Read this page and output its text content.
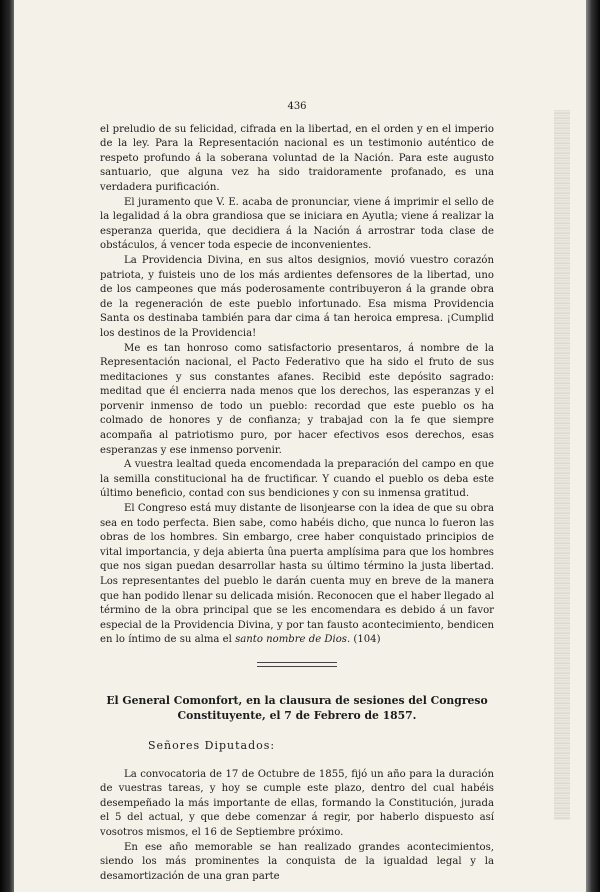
436

el preludio de su felicidad, cifrada en la libertad, en el orden y en el imperio de la ley. Para la Representación nacional es un testimonio auténtico de respeto profundo á la soberana voluntad de la Nación. Para este augusto santuario, que alguna vez ha sido traidoramente profanado, es una verdadera purificación.

El juramento que V. E. acaba de pronunciar, viene á imprimir el sello de la legalidad á la obra grandiosa que se iniciara en Ayutla; viene á realizar la esperanza querida, que decidiera á la Nación á arrostrar toda clase de obstáculos, á vencer toda especie de inconvenientes.

La Providencia Divina, en sus altos designios, movió vuestro corazón patriota, y fuisteis uno de los más ardientes defensores de la libertad, uno de los campeones que más poderosamente contribuyeron á la grande obra de la regeneración de este pueblo infortunado. Esa misma Providencia Santa os destinaba también para dar cima á tan heroica empresa. ¡Cumplid los destinos de la Providencia!

Me es tan honroso como satisfactorio presentaros, á nombre de la Representación nacional, el Pacto Federativo que ha sido el fruto de sus meditaciones y sus constantes afanes. Recibid este depósito sagrado: meditad que él encierra nada menos que los derechos, las esperanzas y el porvenir inmenso de todo un pueblo: recordad que este pueblo os ha colmado de honores y de confianza; y trabajad con la fe que siempre acompaña al patriotismo puro, por hacer efectivos esos derechos, esas esperanzas y ese inmenso porvenir.

A vuestra lealtad queda encomendada la preparación del campo en que la semilla constitucional ha de fructificar. Y cuando el pueblo os deba este último beneficio, contad con sus bendiciones y con su inmensa gratitud.

El Congreso está muy distante de lisonjearse con la idea de que su obra sea en todo perfecta. Bien sabe, como habéis dicho, que nunca lo fueron las obras de los hombres. Sin embargo, cree haber conquistado principios de vital importancia, y deja abierta ûna puerta amplísima para que los hombres que nos sigan puedan desarrollar hasta su último término la justa libertad. Los representantes del pueblo le darán cuenta muy en breve de la manera que han podido llenar su delicada misión. Reconocen que el haber llegado al término de la obra principal que se les encomendara es debido á un favor especial de la Providencia Divina, y por tan fausto acontecimiento, bendicen en lo íntimo de su alma el santo nombre de Dios. (104)

El General Comonfort, en la clausura de sesiones del Congreso
Constituyente, el 7 de Febrero de 1857.
Señores Diputados:

La convocatoria de 17 de Octubre de 1855, fijó un año para la duración de vuestras tareas, y hoy se cumple este plazo, dentro del cual habéis desempeñado la más importante de ellas, formando la Constitución, jurada el 5 del actual, y que debe comenzar á regir, por haberlo dispuesto así vosotros mismos, el 16 de Septiembre próximo.

En ese año memorable se han realizado grandes acontecimientos, siendo los más prominentes la conquista de la igualdad legal y la desamortización de una gran parte
